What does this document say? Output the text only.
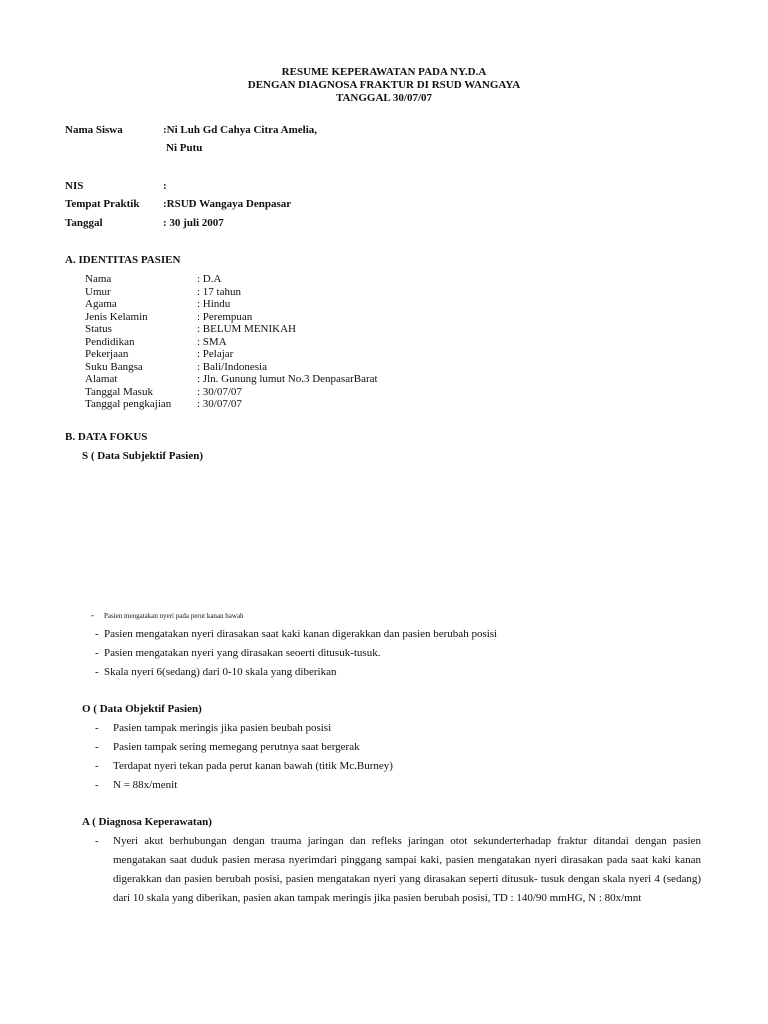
RESUME KEPERAWATAN PADA NY.D.A
DENGAN DIAGNOSA FRAKTUR DI RSUD WANGAYA
TANGGAL 30/07/07
Nama Siswa	:Ni Luh Gd Cahya Citra Amelia,
Ni Putu
NIS	:
Tempat Praktik :RSUD Wangaya Denpasar
Tanggal	: 30 juli 2007
A. IDENTITAS PASIEN
Nama	: D.A
Umur	: 17 tahun
Agama	: Hindu
Jenis Kelamin	: Perempuan
Status	: BELUM MENIKAH
Pendidikan	: SMA
Pekerjaan	: Pelajar
Suku Bangsa	: Bali/Indonesia
Alamat	: Jln. Gunung lumut No.3 DenpasarBarat
Tanggal Masuk	: 30/07/07
Tanggal pengkajian : 30/07/07
B. DATA FOKUS
S ( Data Subjektif Pasien)
- Pasien mengatakan nyeri pada perut kanan bawah
- Pasien mengatakan nyeri dirasakan saat kaki kanan digerakkan dan pasien berubah posisi
- Pasien mengatakan nyeri yang dirasakan seoerti ditusuk-tusuk.
- Skala nyeri 6(sedang) dari 0-10 skala yang diberikan
O ( Data Objektif Pasien)
- Pasien tampak meringis jika pasien beubah posisi
- Pasien tampak sering memegang perutnya saat bergerak
- Terdapat nyeri tekan pada perut kanan bawah (titik Mc.Burney)
- N = 88x/menit
A ( Diagnosa Keperawatan)
- Nyeri akut berhubungan dengan trauma jaringan dan refleks jaringan otot sekunderterhadap fraktur ditandai dengan pasien
mengatakan saat duduk pasien merasa nyerimdari pinggang sampai kaki, pasien mengatakan nyeri dirasakan pada saat kaki kanan
digerakkan dan pasien berubah posisi, pasien mengatakan nyeri yang dirasakan seperti ditusuk- tusuk dengan skala nyeri 4 (sedang)
dari 10 skala yang diberikan, pasien akan tampak meringis jika pasien berubah posisi, TD : 140/90 mmHG, N : 80x/mnt
